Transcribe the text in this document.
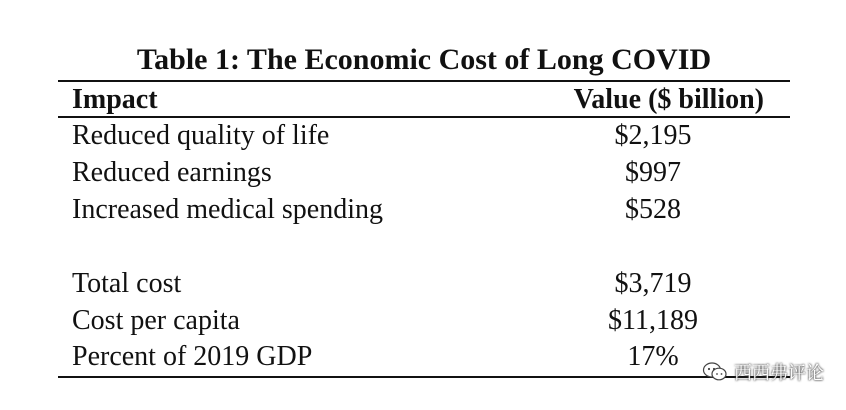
Table 1: The Economic Cost of Long COVID
Impact	Value ($ billion)
Reduced quality of life	$2,195
Reduced earnings	$997
Increased medical spending	$528
Total cost	$3,719
Cost per capita	$11,189
Percent of 2019 GDP	17%
西西弗评论
